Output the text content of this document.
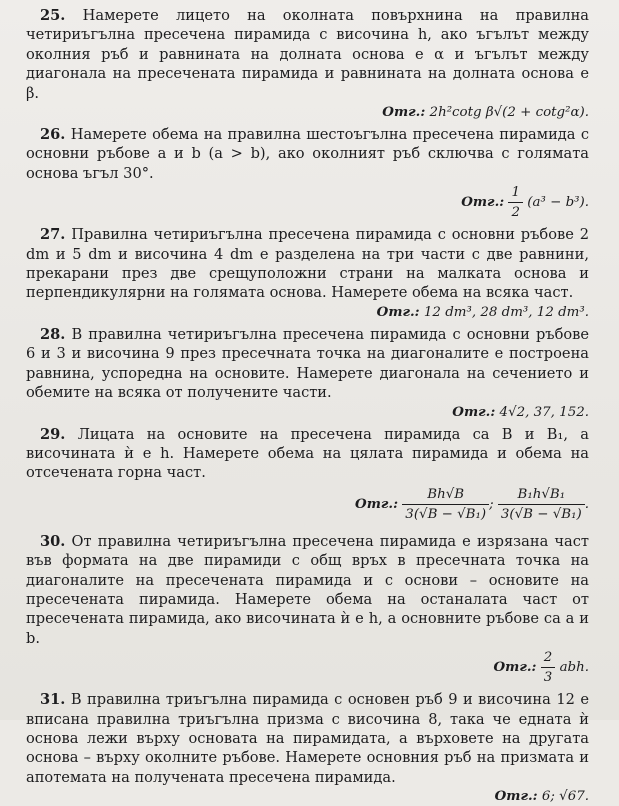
25. Намерете лицето на околната повърхнина на правилна четириъгълна пресечена пирамида с височина h, ако ъгълът между околния ръб и равнината на долната основа е α и ъгълът между диагонала на пресечената пирамида и равнината на долната основа е β.

Отг.: 2h²cotg β√(2 + cotg²α).

26. Намерете обема на правилна шестоъгълна пресечена пирамида с основни ръбове a и b (a > b), ако околният ръб сключва с голямата основа ъгъл 30°.

Отг.: $\frac{1}{2} (a^3 - b^3)$.

27. Правилна четириъгълна пресечена пирамида с основни ръбове 2 dm и 5 dm и височина 4 dm е разделена на три части с две равнини, прекарани през две срещуположни страни на малката основа и перпендикулярни на голямата основа. Намерете обема на всяка част.

Отг.: 12 dm³, 28 dm³, 12 dm³.

28. В правилна четириъгълна пресечена пирамида с основни ръбове 6 и 3 и височина 9 през пресечната точка на диагоналите е построена равнина, успоредна на основите. Намерете диагонала на сечението и обемите на всяка от получените части.

Отг.: 4√2, 37, 152.

29. Лицата на основите на пресечена пирамида са B и B₁, а височината ѝ е h. Намерете обема на цялата пирамида и обема на отсечената горна част.

Отг.: $\frac{Bh√B}{\text{3(√B − √B₁)}}$ ; $\frac{\text{B₁h√B₁}}{\text{3(√B − √B₁)}}$ .

30. От правилна четириъгълна пресечена пирамида е изрязана част във формата на две пирамиди с общ връх в пресечната точка на диагоналите на пресечената пирамида и с основи – основите на пресечената пирамида. Намерете обема на останалата част от пресечената пирамида, ако височината ѝ е h, а основните ръбове са a и b.

Отг.: $\frac{2}{3}$ abh.

31. В правилна триъгълна пирамида с основен ръб 9 и височина 12 е вписана правилна триъгълна призма с височина 8, така че едната ѝ основа лежи върху основата на пирамидата, а върховете на другата основа – върху околните ръбове. Намерете основния ръб на призмата и апотемата на получената пресечена пирамида.

Отг.: 6; √67.
